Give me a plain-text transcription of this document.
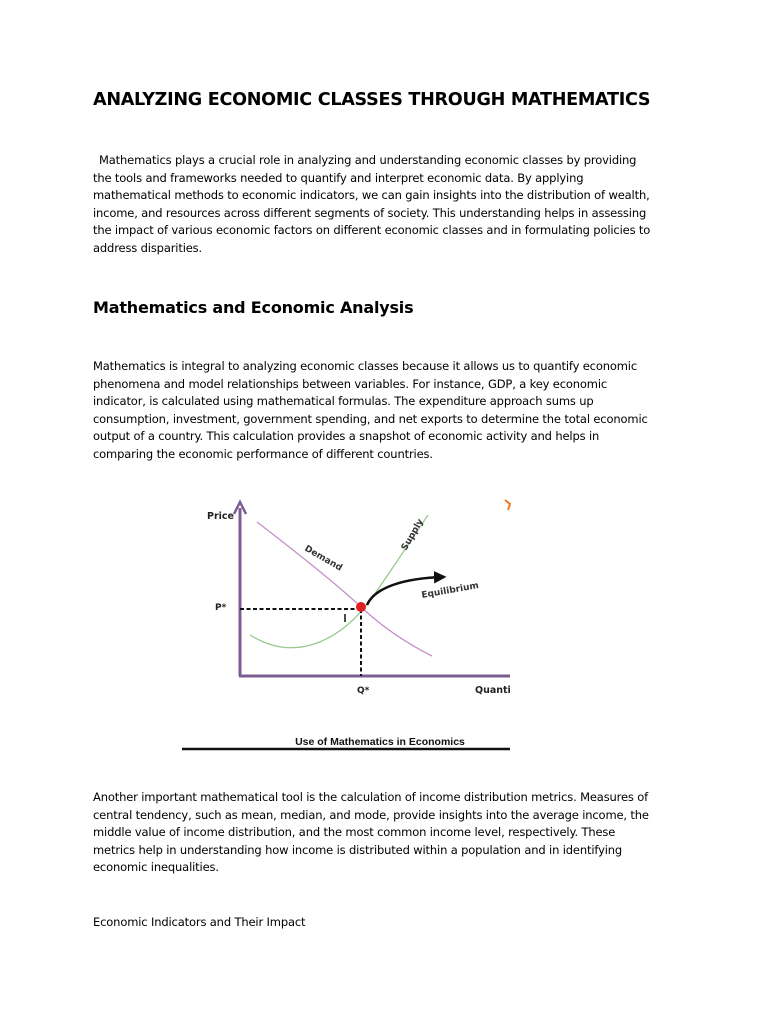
ANALYZING ECONOMIC CLASSES THROUGH MATHEMATICS

Mathematics plays a crucial role in analyzing and understanding economic classes by providing the tools and frameworks needed to quantify and interpret economic data. By applying mathematical methods to economic indicators, we can gain insights into the distribution of wealth, income, and resources across different segments of society. This understanding helps in assessing the impact of various economic factors on different economic classes and in formulating policies to address disparities.

Mathematics and Economic Analysis

Mathematics is integral to analyzing economic classes because it allows us to quantify economic phenomena and model relationships between variables. For instance, GDP, a key economic indicator, is calculated using mathematical formulas. The expenditure approach sums up consumption, investment, government spending, and net exports to determine the total economic output of a country. This calculation provides a snapshot of economic activity and helps in comparing the economic performance of different countries.

Price
Quanti
P*
Q*
Demand
Supply
Equilibrium
Use of Mathematics in Economics

Another important mathematical tool is the calculation of income distribution metrics. Measures of central tendency, such as mean, median, and mode, provide insights into the average income, the middle value of income distribution, and the most common income level, respectively. These metrics help in understanding how income is distributed within a population and in identifying economic inequalities.

Economic Indicators and Their Impact
